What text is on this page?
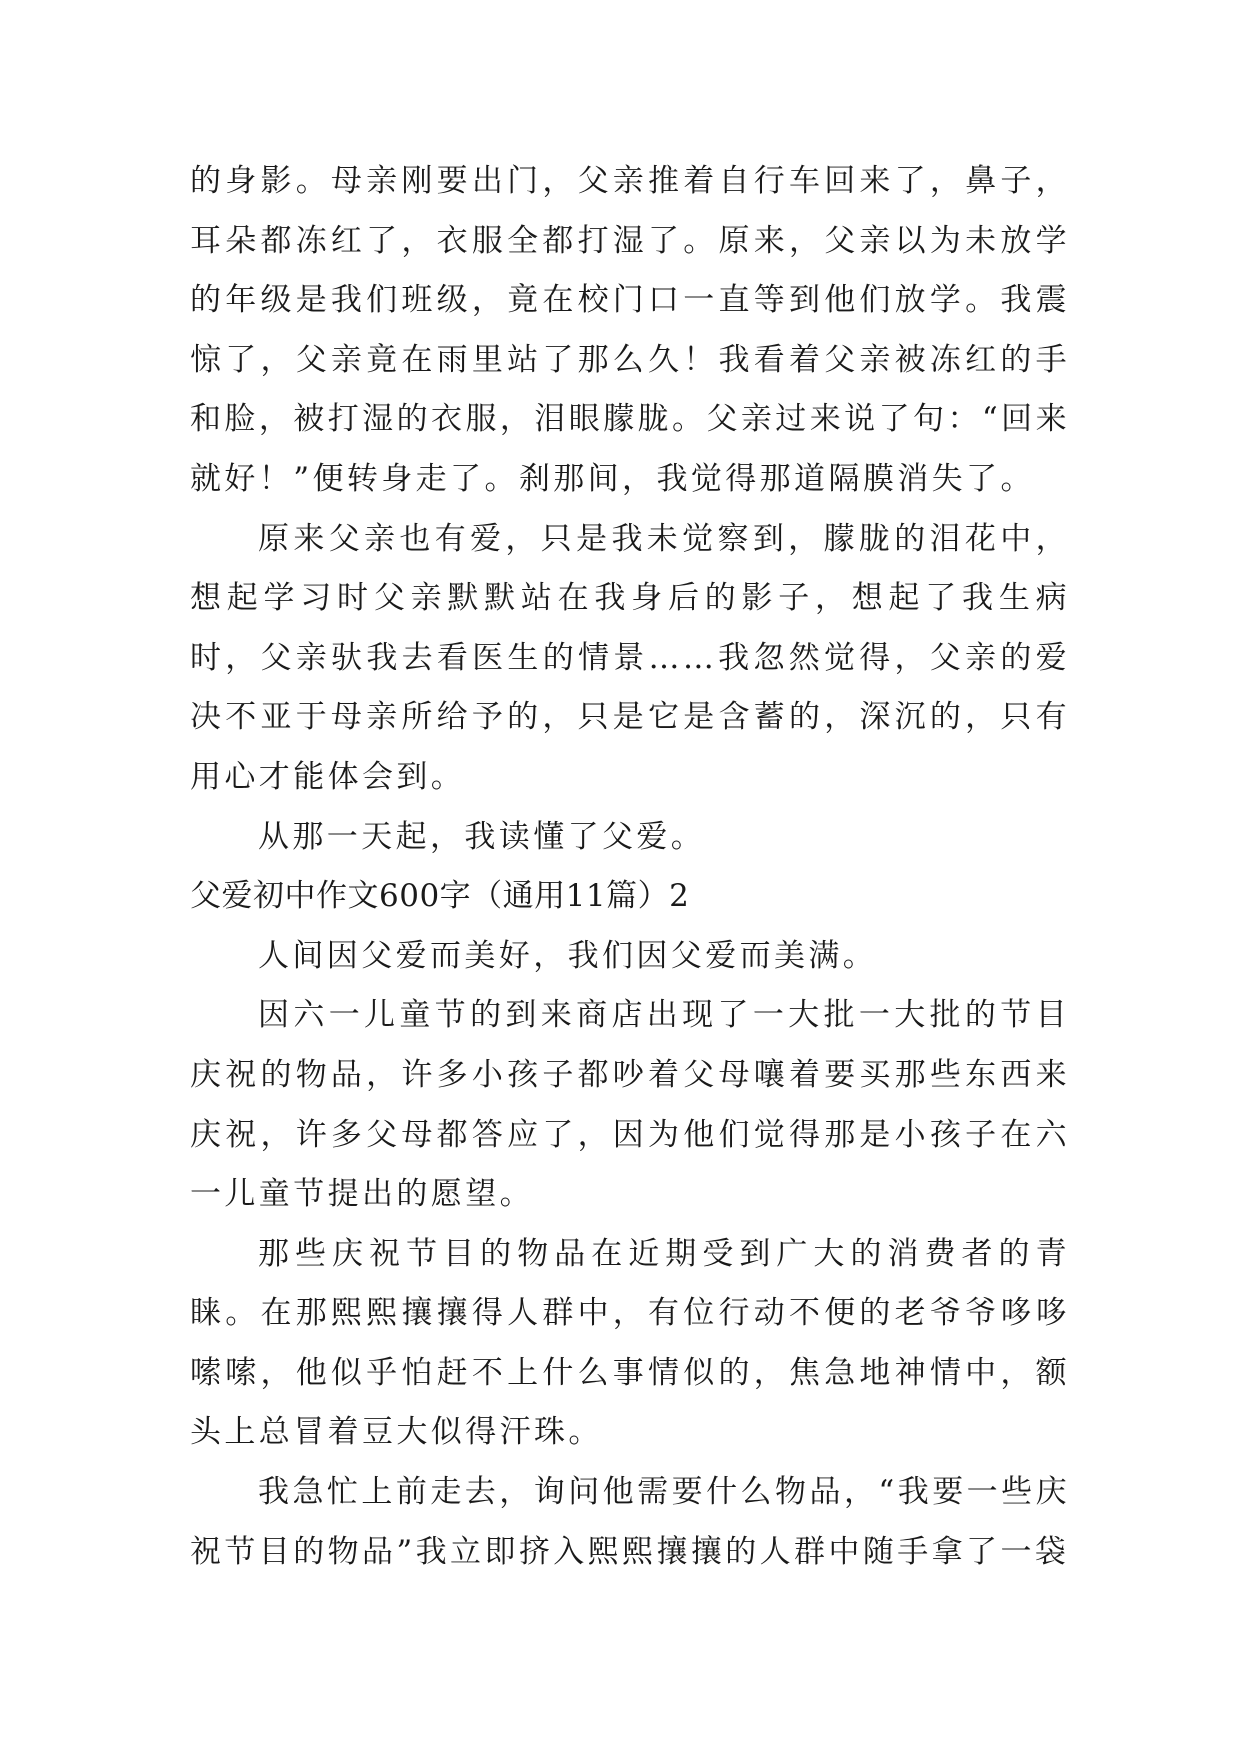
的身影。母亲刚要出门，父亲推着自行车回来了，鼻子，耳朵都冻红了，衣服全都打湿了。原来，父亲以为未放学的年级是我们班级，竟在校门口一直等到他们放学。我震惊了，父亲竟在雨里站了那么久！我看着父亲被冻红的手和脸，被打湿的衣服，泪眼朦胧。父亲过来说了句：“回来就好！”便转身走了。刹那间，我觉得那道隔膜消失了。

原来父亲也有爱，只是我未觉察到，朦胧的泪花中，想起学习时父亲默默站在我身后的影子，想起了我生病时，父亲驮我去看医生的情景……我忽然觉得，父亲的爱决不亚于母亲所给予的，只是它是含蓄的，深沉的，只有用心才能体会到。

从那一天起，我读懂了父爱。

父爱初中作文600字（通用11篇）2

人间因父爱而美好，我们因父爱而美满。

因六一儿童节的到来商店出现了一大批一大批的节目庆祝的物品，许多小孩子都吵着父母嚷着要买那些东西来庆祝，许多父母都答应了，因为他们觉得那是小孩子在六一儿童节提出的愿望。

那些庆祝节目的物品在近期受到广大的消费者的青睐。在那熙熙攘攘得人群中，有位行动不便的老爷爷哆哆嗦嗦，他似乎怕赶不上什么事情似的，焦急地神情中，额头上总冒着豆大似得汗珠。

我急忙上前走去，询问他需要什么物品，“我要一些庆祝节目的物品”我立即挤入熙熙攘攘的人群中随手拿了一袋
